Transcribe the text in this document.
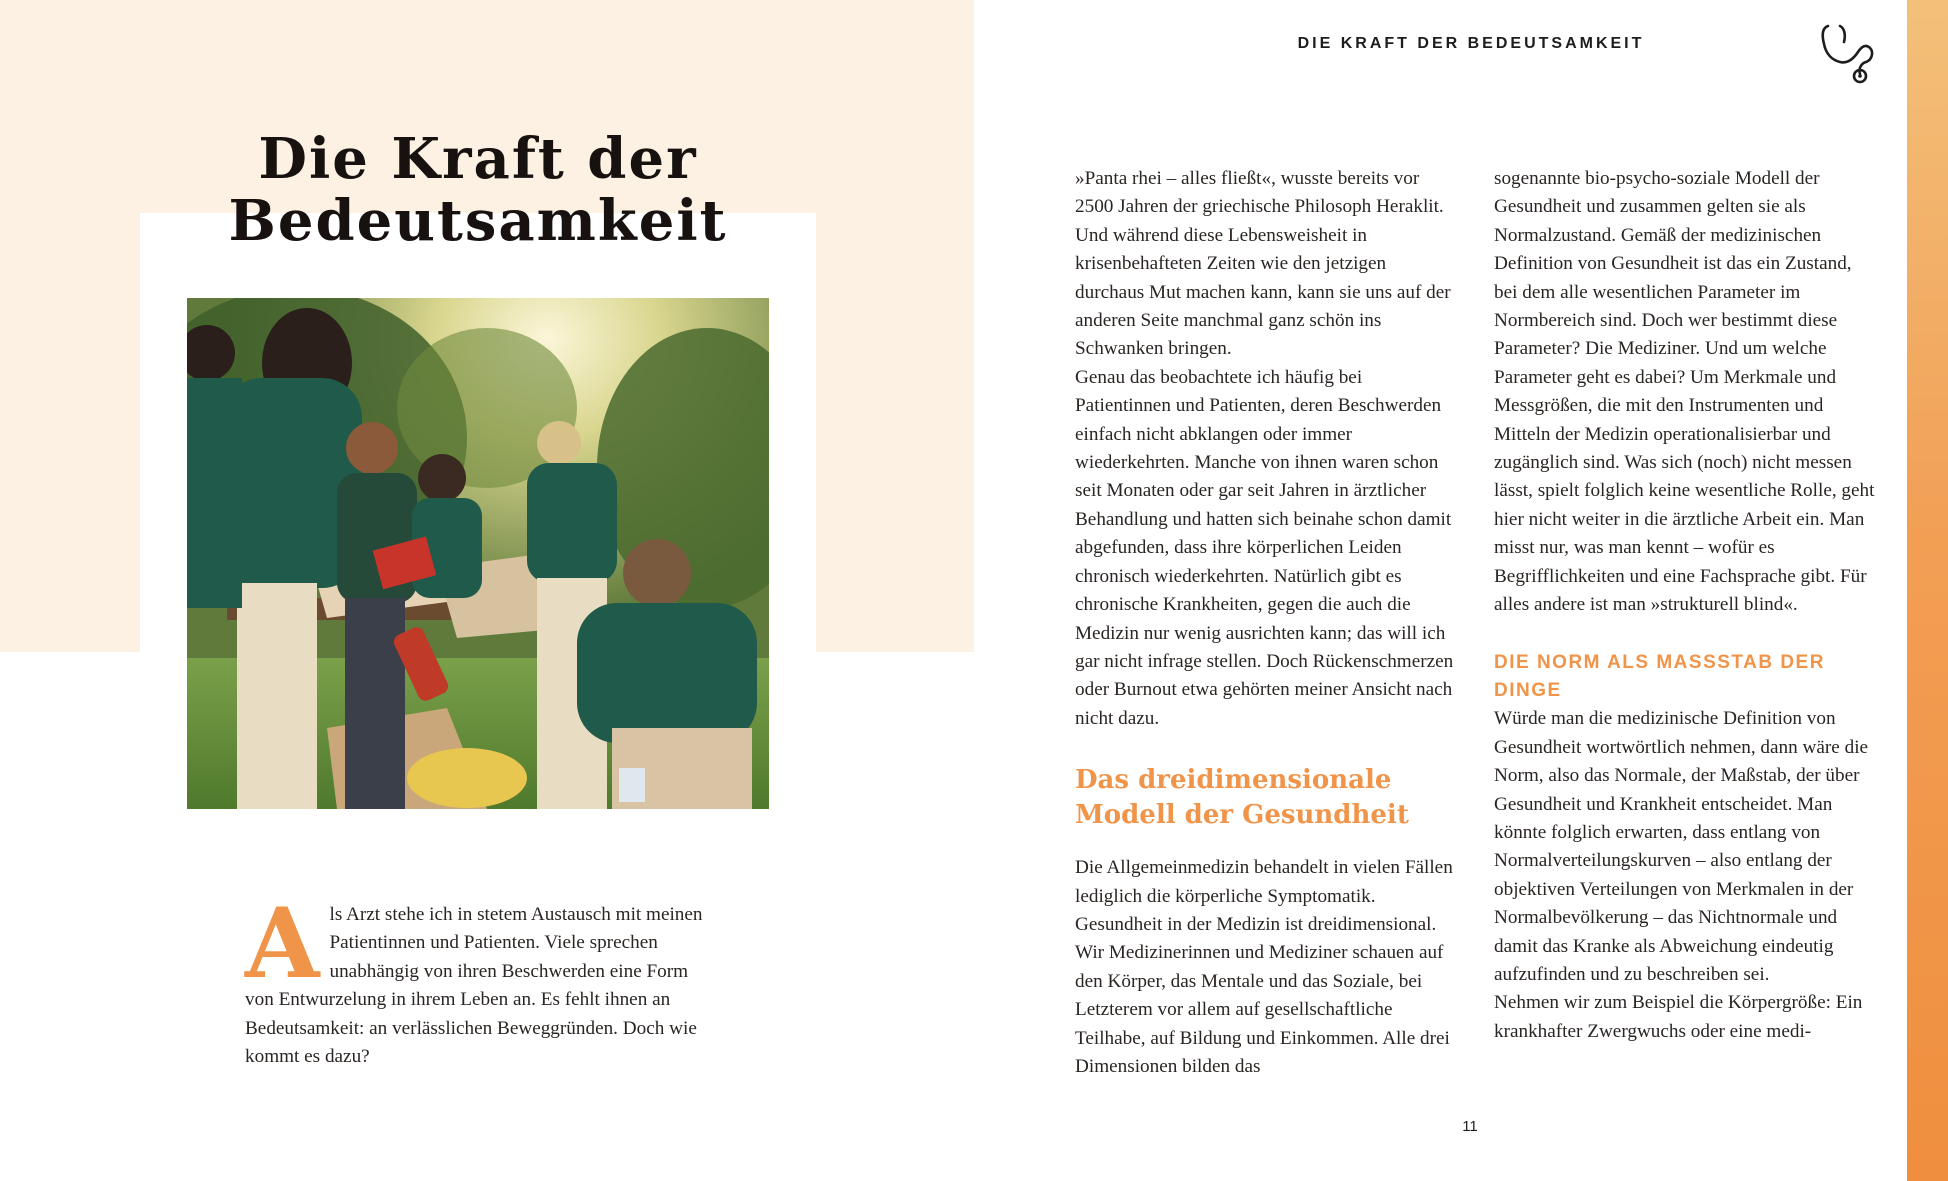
Die Kraft der
Bedeutsamkeit
A ls Arzt stehe ich in stetem Austausch mit meinen Patientinnen und Patienten. Viele sprechen unabhängig von ihren Beschwerden eine Form von Entwurzelung in ihrem Leben an. Es fehlt ihnen an Bedeutsamkeit: an verlässlichen Beweggründen. Doch wie kommt es dazu?
DIE KRAFT DER BEDEUTSAMKEIT

»Panta rhei – alles fließt«, wusste bereits vor 2500 Jahren der griechische Philosoph Heraklit. Und während diese Lebensweisheit in krisenbehafteten Zeiten wie den jetzigen durchaus Mut machen kann, kann sie uns auf der anderen Seite manchmal ganz schön ins Schwanken bringen.

Genau das beobachtete ich häufig bei Patientinnen und Patienten, deren Beschwerden einfach nicht abklangen oder immer wiederkehrten. Manche von ihnen waren schon seit Monaten oder gar seit Jahren in ärztlicher Behandlung und hatten sich beinahe schon damit abgefunden, dass ihre körperlichen Leiden chronisch wiederkehrten. Natürlich gibt es chronische Krankheiten, gegen die auch die Medizin nur wenig ausrichten kann; das will ich gar nicht infrage stellen. Doch Rückenschmerzen oder Burnout etwa gehörten meiner Ansicht nach nicht dazu.

Das dreidimensionale Modell der Gesundheit

Die Allgemeinmedizin behandelt in vielen Fällen lediglich die körperliche Symptomatik. Gesundheit in der Medizin ist dreidimensional. Wir Medizinerinnen und Mediziner schauen auf den Körper, das Mentale und das Soziale, bei Letzterem vor allem auf gesellschaftliche Teilhabe, auf Bildung und Einkommen. Alle drei Dimensionen bilden das

sogenannte bio-psycho-soziale Modell der Gesundheit und zusammen gelten sie als Normalzustand. Gemäß der medizinischen Definition von Gesundheit ist das ein Zustand, bei dem alle wesentlichen Parameter im Normbereich sind. Doch wer bestimmt diese Parameter? Die Mediziner. Und um welche Parameter geht es dabei? Um Merkmale und Messgrößen, die mit den Instrumenten und Mitteln der Medizin operationalisierbar und zugänglich sind. Was sich (noch) nicht messen lässt, spielt folglich keine wesentliche Rolle, geht hier nicht weiter in die ärztliche Arbeit ein. Man misst nur, was man kennt – wofür es Begrifflichkeiten und eine Fachsprache gibt. Für alles andere ist man »strukturell blind«.

DIE NORM ALS MASSSTAB DER DINGE

Würde man die medizinische Definition von Gesundheit wortwörtlich nehmen, dann wäre die Norm, also das Normale, der Maßstab, der über Gesundheit und Krankheit entscheidet. Man könnte folglich erwarten, dass entlang von Normalverteilungskurven – also entlang der objektiven Verteilungen von Merkmalen in der Normalbevölkerung – das Nichtnormale und damit das Kranke als Abweichung eindeutig aufzufinden und zu beschreiben sei.

Nehmen wir zum Beispiel die Körpergröße: Ein krankhafter Zwergwuchs oder eine medi-

11
